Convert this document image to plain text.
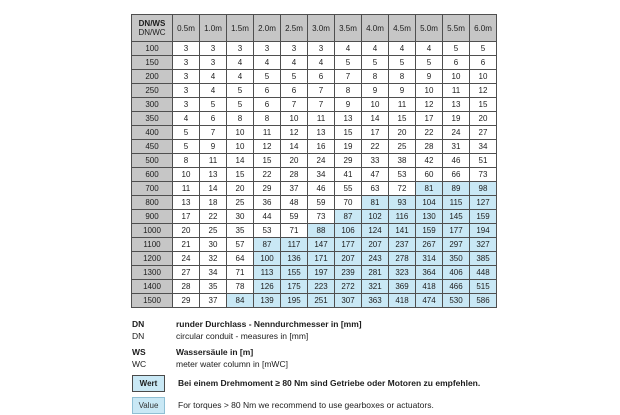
DN/WS
DN/WC	0.5m	1.0m	1.5m	2.0m	2.5m	3.0m	3.5m	4.0m	4.5m	5.0m	5.5m	6.0m
100	3	3	3	3	3	3	4	4	4	4	5	5
150	3	3	4	4	4	4	5	5	5	5	6	6
200	3	4	4	5	5	6	7	8	8	9	10	10
250	3	4	5	6	6	7	8	9	9	10	11	12
300	3	5	5	6	7	7	9	10	11	12	13	15
350	4	6	8	8	10	11	13	14	15	17	19	20
400	5	7	10	11	12	13	15	17	20	22	24	27
450	5	9	10	12	14	16	19	22	25	28	31	34
500	8	11	14	15	20	24	29	33	38	42	46	51
600	10	13	15	22	28	34	41	47	53	60	66	73
700	11	14	20	29	37	46	55	63	72	81	89	98
800	13	18	25	36	48	59	70	81	93	104	115	127
900	17	22	30	44	59	73	87	102	116	130	145	159
1000	20	25	35	53	71	88	106	124	141	159	177	194
1100	21	30	57	87	117	147	177	207	237	267	297	327
1200	24	32	64	100	136	171	207	243	278	314	350	385
1300	27	34	71	113	155	197	239	281	323	364	406	448
1400	28	35	78	126	175	223	272	321	369	418	466	515
1500	29	37	84	139	195	251	307	363	418	474	530	586
DN	runder Durchlass - Nenndurchmesser in [mm]
DN	circular conduit - measures in [mm]
WS	Wassersäule in [m]
WC	meter water column in [mWC]
Wert	Bei einem Drehmoment ≥ 80 Nm sind Getriebe oder Motoren zu empfehlen.
Value	For torques > 80 Nm we recommend to use gearboxes or actuators.
